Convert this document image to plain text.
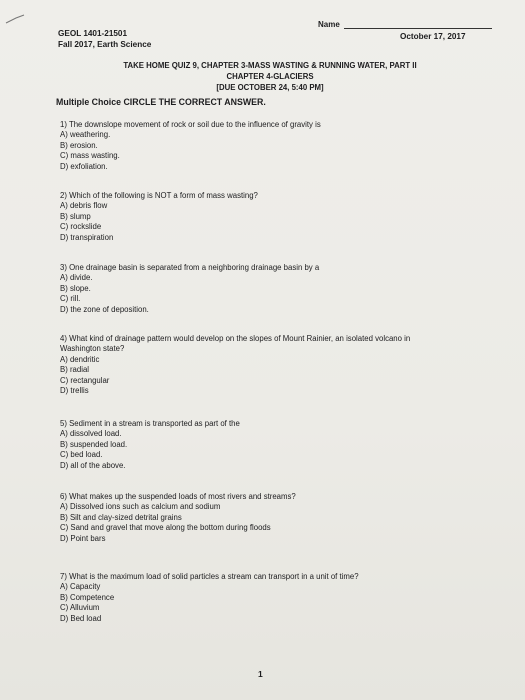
GEOL 1401-21501
Fall 2017, Earth Science
Name
October 17, 2017
TAKE HOME QUIZ 9, CHAPTER 3-MASS WASTING & RUNNING WATER, PART II
CHAPTER 4-GLACIERS
[DUE OCTOBER 24, 5:40 PM]
Multiple Choice CIRCLE THE CORRECT ANSWER.
1) The downslope movement of rock or soil due to the influence of gravity is
A) weathering.
B) erosion.
C) mass wasting.
D) exfoliation.
2) Which of the following is NOT a form of mass wasting?
A) debris flow
B) slump
C) rockslide
D) transpiration
3) One drainage basin is separated from a neighboring drainage basin by a
A) divide.
B) slope.
C) rill.
D) the zone of deposition.
4) What kind of drainage pattern would develop on the slopes of Mount Rainier, an isolated volcano in
Washington state?
A) dendritic
B) radial
C) rectangular
D) trellis
5) Sediment in a stream is transported as part of the
A) dissolved load.
B) suspended load.
C) bed load.
D) all of the above.
6) What makes up the suspended loads of most rivers and streams?
A) Dissolved ions such as calcium and sodium
B) Silt and clay-sized detrital grains
C) Sand and gravel that move along the bottom during floods
D) Point bars
7) What is the maximum load of solid particles a stream can transport in a unit of time?
A) Capacity
B) Competence
C) Alluvium
D) Bed load
1
